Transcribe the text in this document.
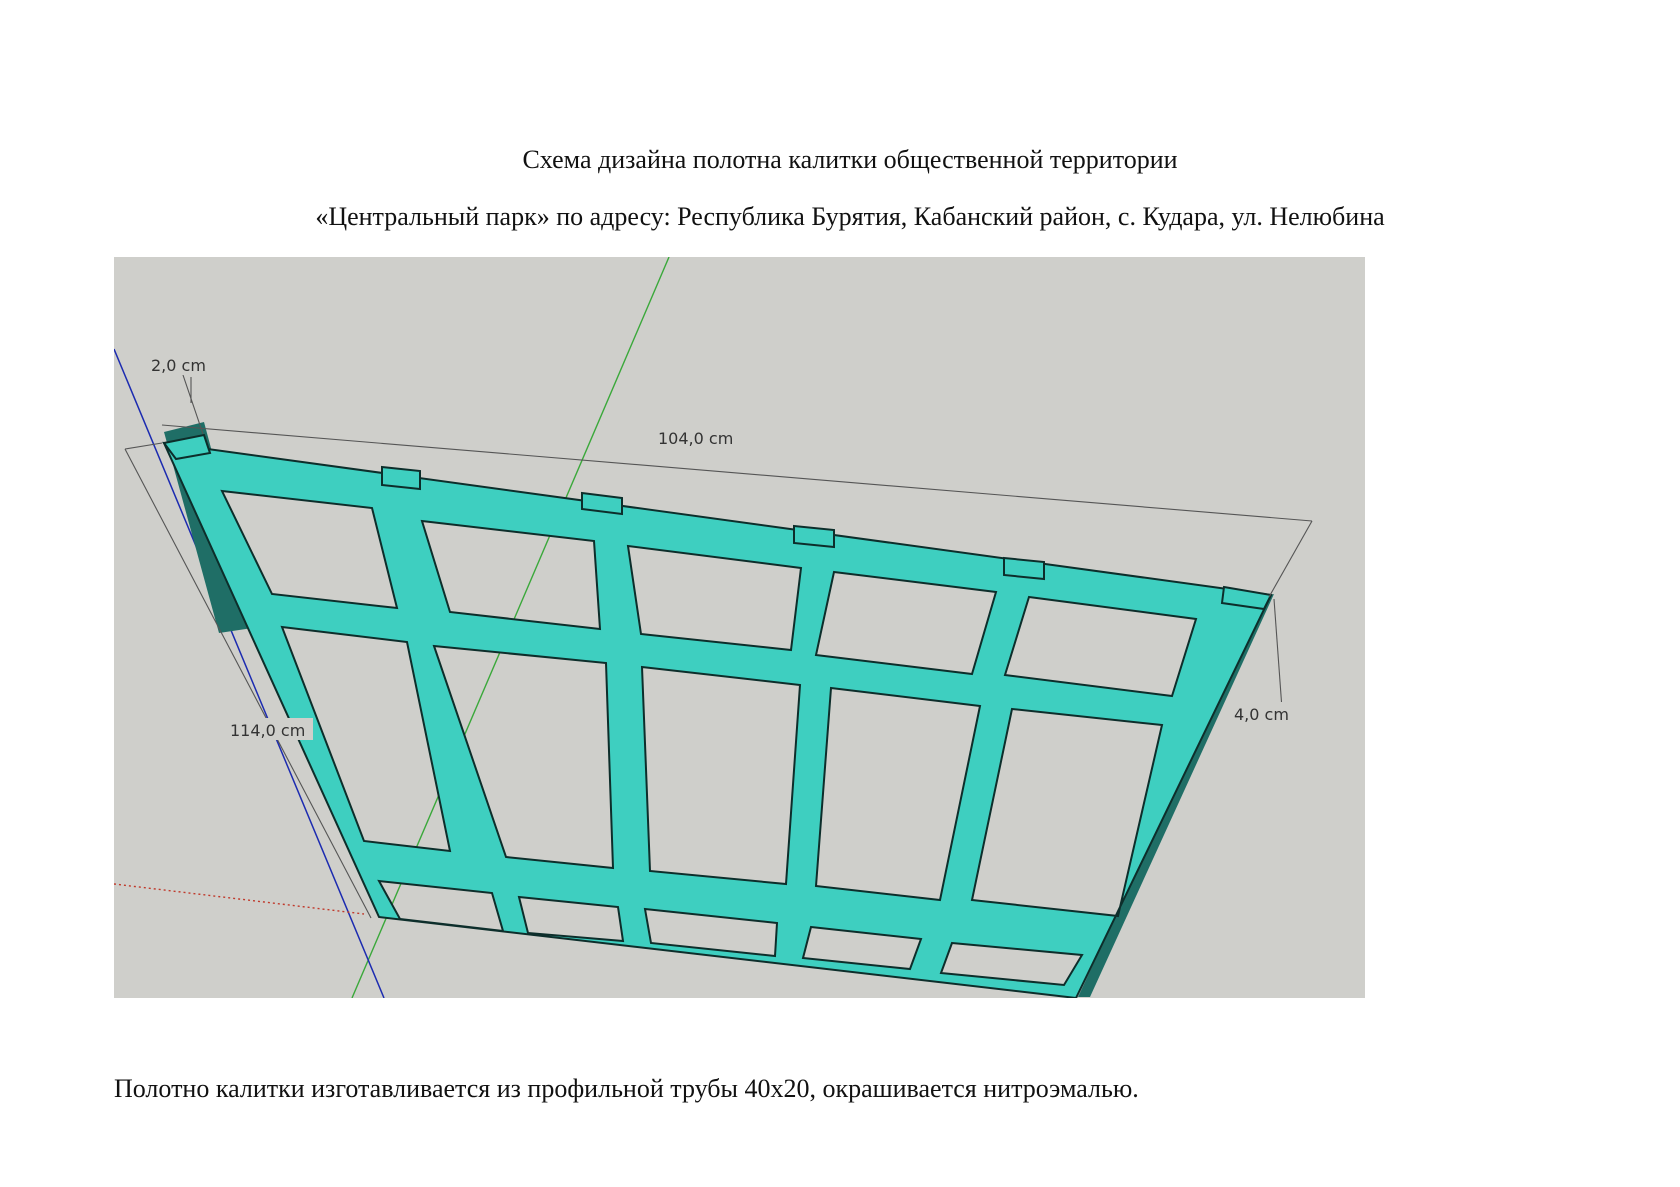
Схема дизайна полотна калитки общественной территории
«Центральный парк» по адресу: Республика Бурятия, Кабанский район, с. Кудара, ул. Нелюбина
104,0 cm
114,0 cm
2,0 cm
4,0 cm
Полотно калитки изготавливается из профильной трубы 40х20, окрашивается нитроэмалью.
